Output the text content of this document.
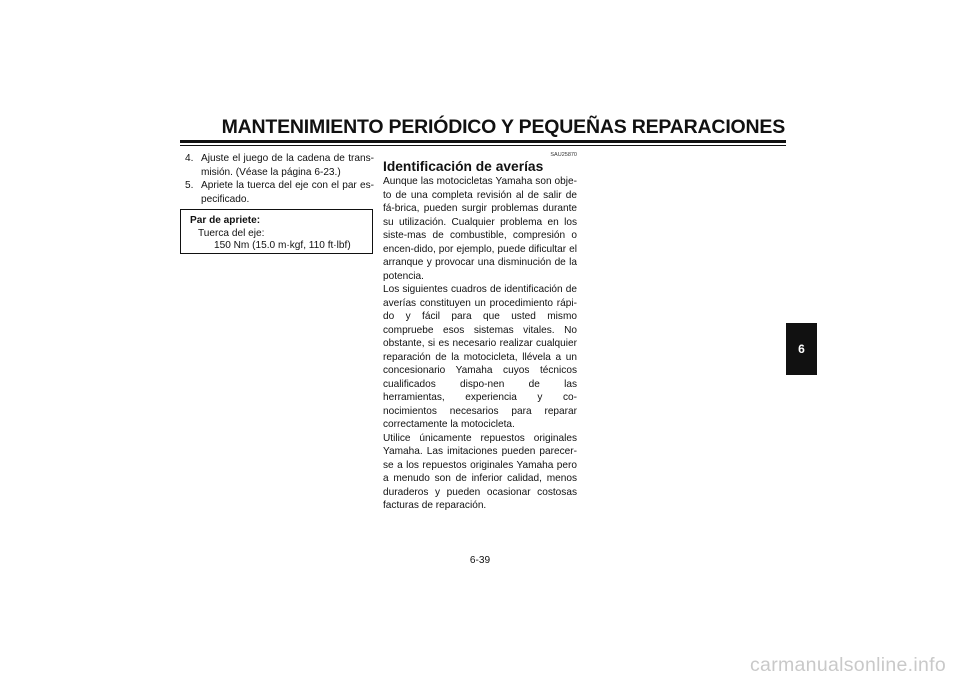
MANTENIMIENTO PERIÓDICO Y PEQUEÑAS REPARACIONES
4. Ajuste el juego de la cadena de trans-misión. (Véase la página 6-23.)
5. Apriete la tuerca del eje con el par es-pecificado.
Par de apriete:
Tuerca del eje:
150 Nm (15.0 m·kgf, 110 ft·lbf)
SAU25870
Identificación de averías
Aunque las motocicletas Yamaha son obje-to de una completa revisión al de salir de fá-brica, pueden surgir problemas durante su utilización. Cualquier problema en los siste-mas de combustible, compresión o encen-dido, por ejemplo, puede dificultar el arranque y provocar una disminución de la potencia.
Los siguientes cuadros de identificación de averías constituyen un procedimiento rápi-do y fácil para que usted mismo compruebe esos sistemas vitales. No obstante, si es necesario realizar cualquier reparación de la motocicleta, llévela a un concesionario Yamaha cuyos técnicos cualificados dispo-nen de las herramientas, experiencia y co-nocimientos necesarios para reparar correctamente la motocicleta.
Utilice únicamente repuestos originales Yamaha. Las imitaciones pueden parecer-se a los repuestos originales Yamaha pero a menudo son de inferior calidad, menos duraderos y pueden ocasionar costosas facturas de reparación.
6-39
6
carmanualsonline.info
